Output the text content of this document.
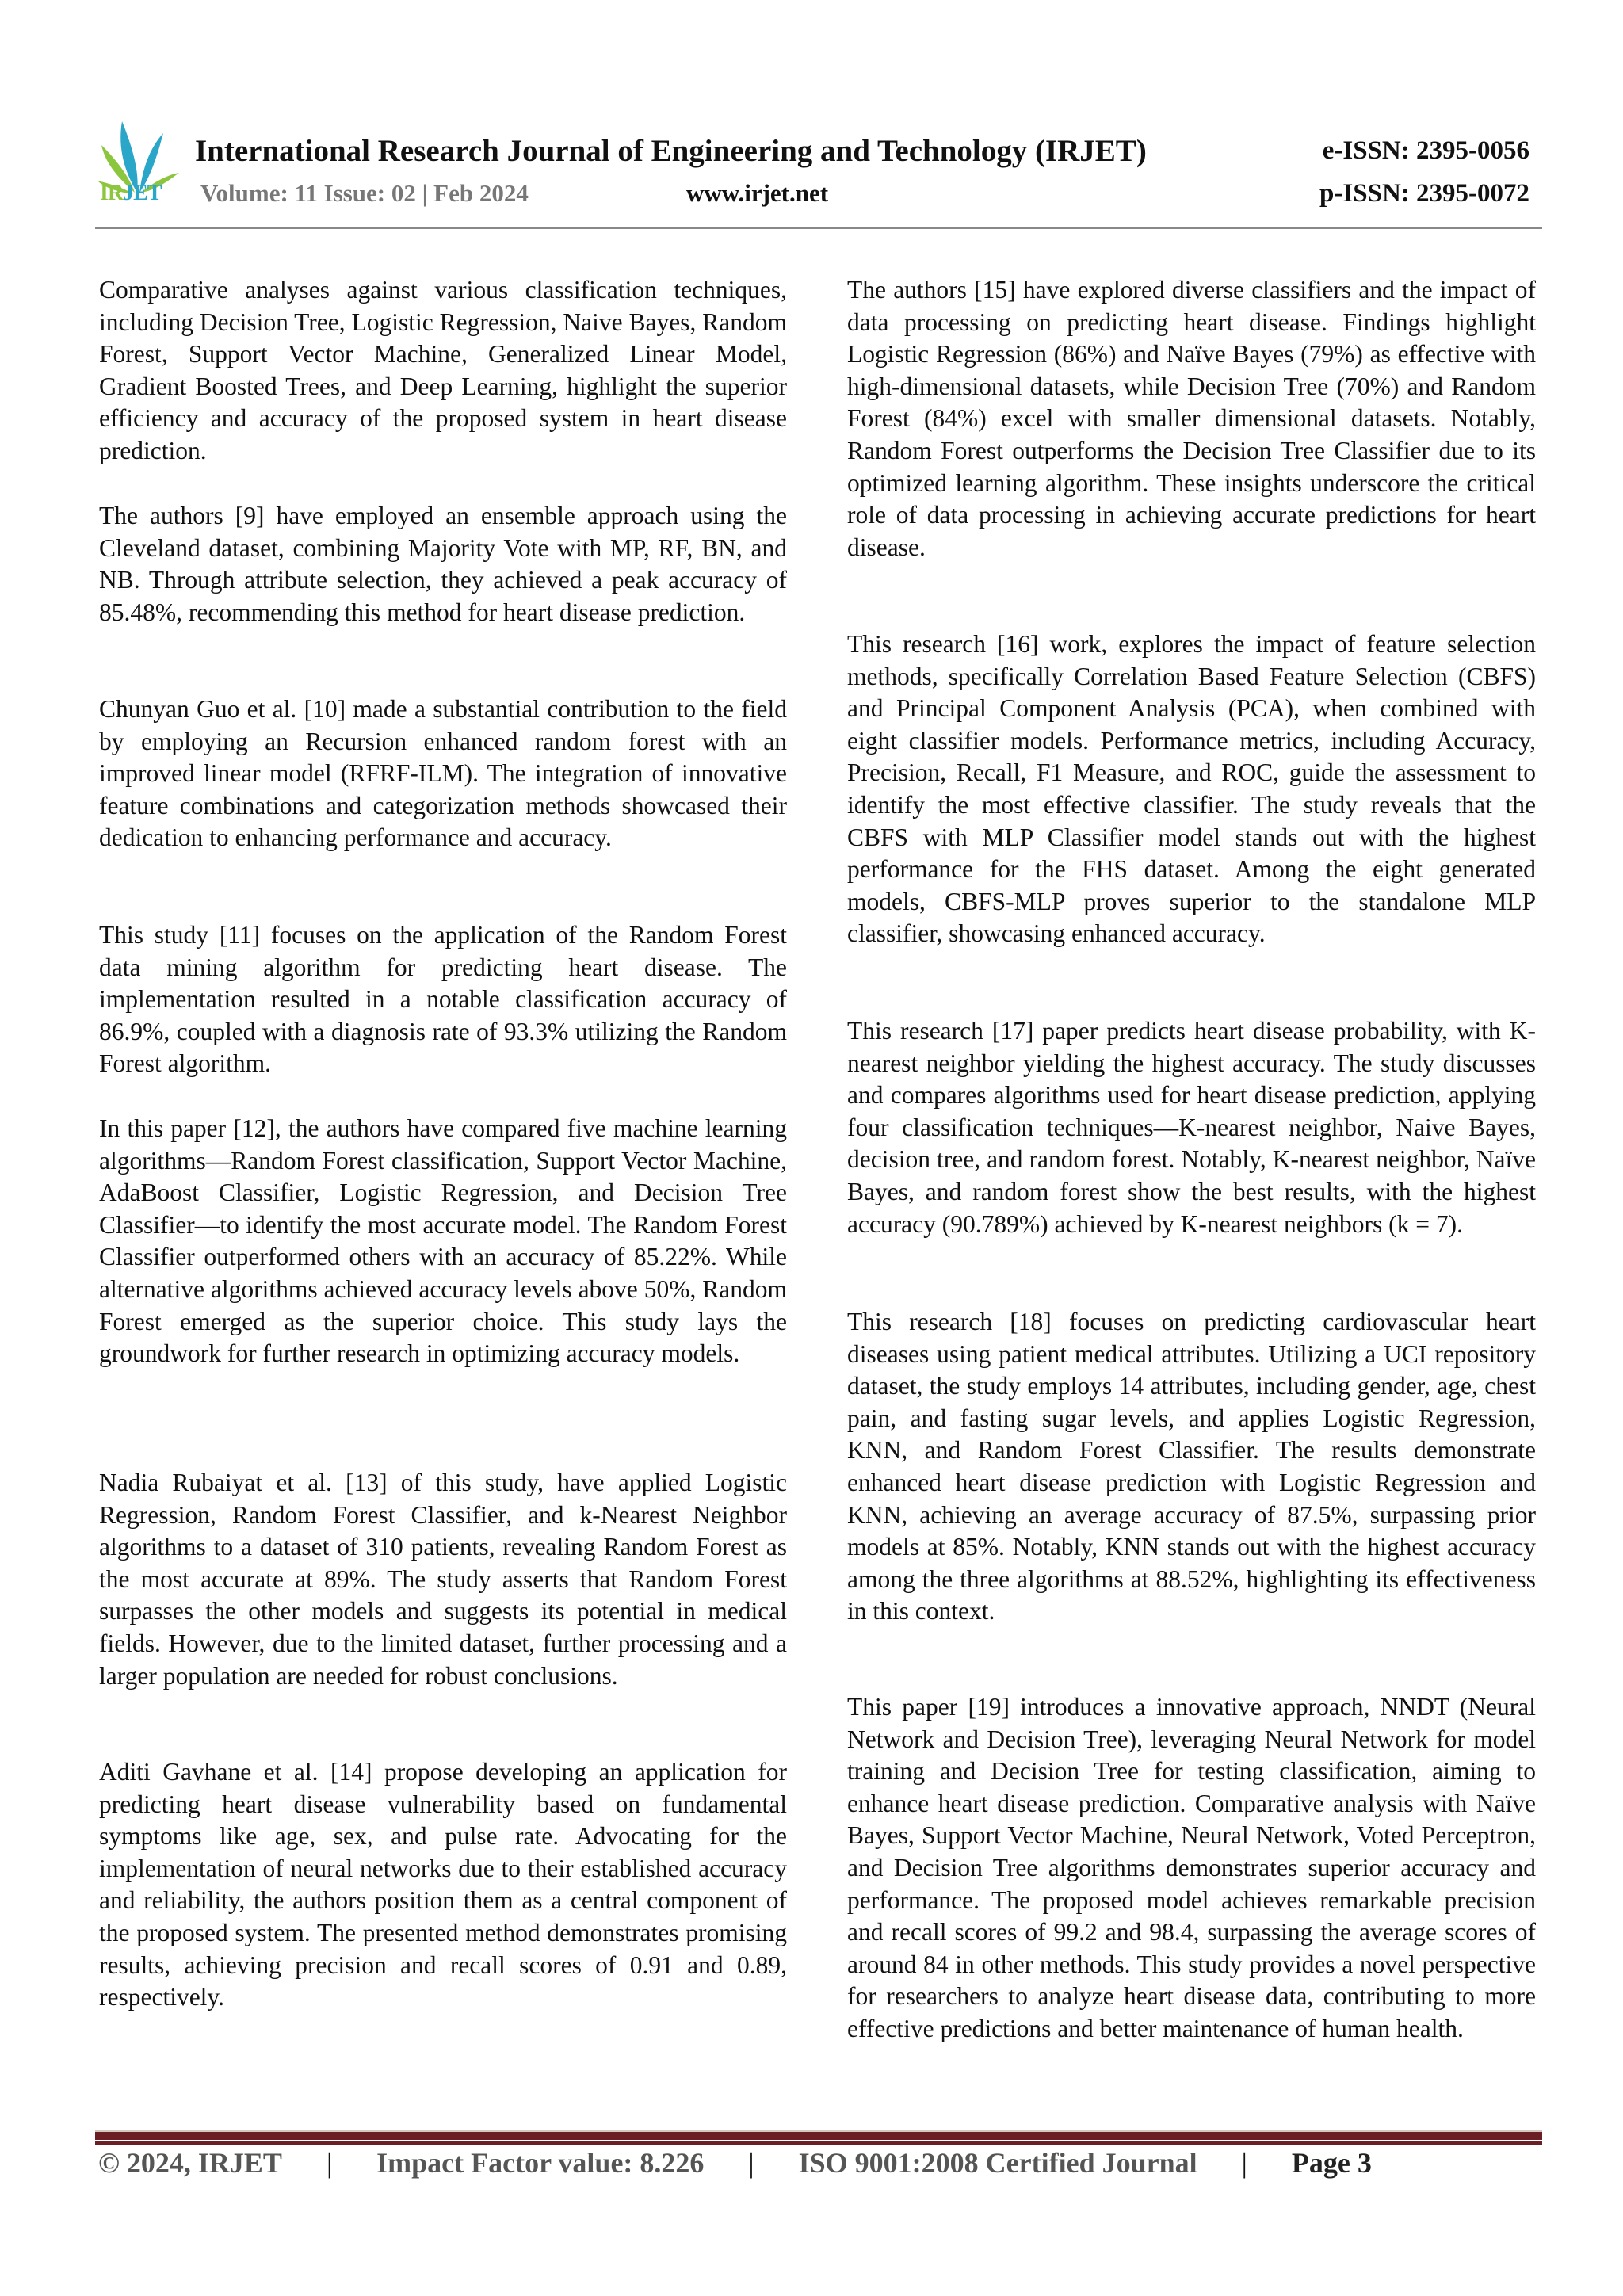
IRJET
International Research Journal of Engineering and Technology (IRJET)	e-ISSN: 2395-0056
Volume: 11 Issue: 02 | Feb 2024	www.irjet.net	p-ISSN: 2395-0072

Comparative analyses against various classification techniques, including Decision Tree, Logistic Regression, Naive Bayes, Random Forest, Support Vector Machine, Generalized Linear Model, Gradient Boosted Trees, and Deep Learning, highlight the superior efficiency and accuracy of the proposed system in heart disease prediction.

The authors [9] have employed an ensemble approach using the Cleveland dataset, combining Majority Vote with MP, RF, BN, and NB. Through attribute selection, they achieved a peak accuracy of 85.48%, recommending this method for heart disease prediction.

Chunyan Guo et al. [10] made a substantial contribution to the field by employing an Recursion enhanced random forest with an improved linear model (RFRF-ILM). The integration of innovative feature combinations and categorization methods showcased their dedication to enhancing performance and accuracy.

This study [11] focuses on the application of the Random Forest data mining algorithm for predicting heart disease. The implementation resulted in a notable classification accuracy of 86.9%, coupled with a diagnosis rate of 93.3% utilizing the Random Forest algorithm.

In this paper [12], the authors have compared five machine learning algorithms—Random Forest classification, Support Vector Machine, AdaBoost Classifier, Logistic Regression, and Decision Tree Classifier—to identify the most accurate model. The Random Forest Classifier outperformed others with an accuracy of 85.22%. While alternative algorithms achieved accuracy levels above 50%, Random Forest emerged as the superior choice. This study lays the groundwork for further research in optimizing accuracy models.

Nadia Rubaiyat et al. [13] of this study, have applied Logistic Regression, Random Forest Classifier, and k-Nearest Neighbor algorithms to a dataset of 310 patients, revealing Random Forest as the most accurate at 89%. The study asserts that Random Forest surpasses the other models and suggests its potential in medical fields. However, due to the limited dataset, further processing and a larger population are needed for robust conclusions.

Aditi Gavhane et al. [14] propose developing an application for predicting heart disease vulnerability based on fundamental symptoms like age, sex, and pulse rate. Advocating for the implementation of neural networks due to their established accuracy and reliability, the authors position them as a central component of the proposed system. The presented method demonstrates promising results, achieving precision and recall scores of 0.91 and 0.89, respectively.

The authors [15] have explored diverse classifiers and the impact of data processing on predicting heart disease. Findings highlight Logistic Regression (86%) and Naïve Bayes (79%) as effective with high-dimensional datasets, while Decision Tree (70%) and Random Forest (84%) excel with smaller dimensional datasets. Notably, Random Forest outperforms the Decision Tree Classifier due to its optimized learning algorithm. These insights underscore the critical role of data processing in achieving accurate predictions for heart disease.

This research [16] work, explores the impact of feature selection methods, specifically Correlation Based Feature Selection (CBFS) and Principal Component Analysis (PCA), when combined with eight classifier models. Performance metrics, including Accuracy, Precision, Recall, F1 Measure, and ROC, guide the assessment to identify the most effective classifier. The study reveals that the CBFS with MLP Classifier model stands out with the highest performance for the FHS dataset. Among the eight generated models, CBFS-MLP proves superior to the standalone MLP classifier, showcasing enhanced accuracy.

This research [17] paper predicts heart disease probability, with K-nearest neighbor yielding the highest accuracy. The study discusses and compares algorithms used for heart disease prediction, applying four classification techniques—K-nearest neighbor, Naive Bayes, decision tree, and random forest. Notably, K-nearest neighbor, Naïve Bayes, and random forest show the best results, with the highest accuracy (90.789%) achieved by K-nearest neighbors (k = 7).

This research [18] focuses on predicting cardiovascular heart diseases using patient medical attributes. Utilizing a UCI repository dataset, the study employs 14 attributes, including gender, age, chest pain, and fasting sugar levels, and applies Logistic Regression, KNN, and Random Forest Classifier. The results demonstrate enhanced heart disease prediction with Logistic Regression and KNN, achieving an average accuracy of 87.5%, surpassing prior models at 85%. Notably, KNN stands out with the highest accuracy among the three algorithms at 88.52%, highlighting its effectiveness in this context.

This paper [19] introduces a innovative approach, NNDT (Neural Network and Decision Tree), leveraging Neural Network for model training and Decision Tree for testing classification, aiming to enhance heart disease prediction. Comparative analysis with Naïve Bayes, Support Vector Machine, Neural Network, Voted Perceptron, and Decision Tree algorithms demonstrates superior accuracy and performance. The proposed model achieves remarkable precision and recall scores of 99.2 and 98.4, surpassing the average scores of around 84 in other methods. This study provides a novel perspective for researchers to analyze heart disease data, contributing to more effective predictions and better maintenance of human health.

© 2024, IRJET	|	Impact Factor value: 8.226	|	ISO 9001:2008 Certified Journal	|	Page 3
